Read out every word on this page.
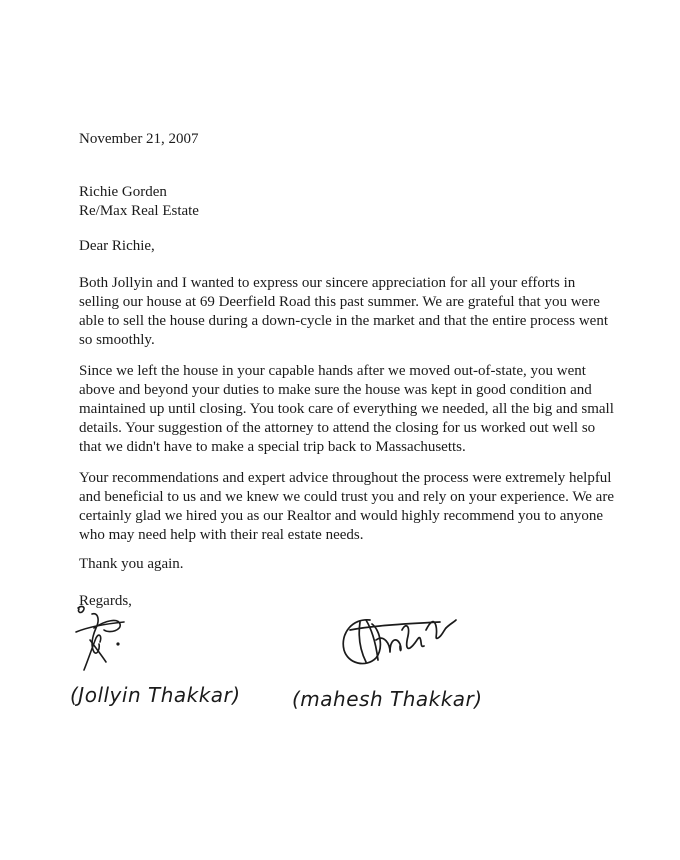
November 21, 2007

Richie Gorden
Re/Max Real Estate

Dear Richie,

Both Jollyin and I wanted to express our sincere appreciation for all your efforts in
selling our house at 69 Deerfield Road this past summer. We are grateful that you were
able to sell the house during a down-cycle in the market and that the entire process went
so smoothly.

Since we left the house in your capable hands after we moved out-of-state, you went
above and beyond your duties to make sure the house was kept in good condition and
maintained up until closing. You took care of everything we needed, all the big and small
details. Your suggestion of the attorney to attend the closing for us worked out well so
that we didn't have to make a special trip back to Massachusetts.

Your recommendations and expert advice throughout the process were extremely helpful
and beneficial to us and we knew we could trust you and rely on your experience. We are
certainly glad we hired you as our Realtor and would highly recommend you to anyone
who may need help with their real estate needs.

Thank you again.

Regards,

(Jollyin Thakkar)	(mahesh Thakkar)
